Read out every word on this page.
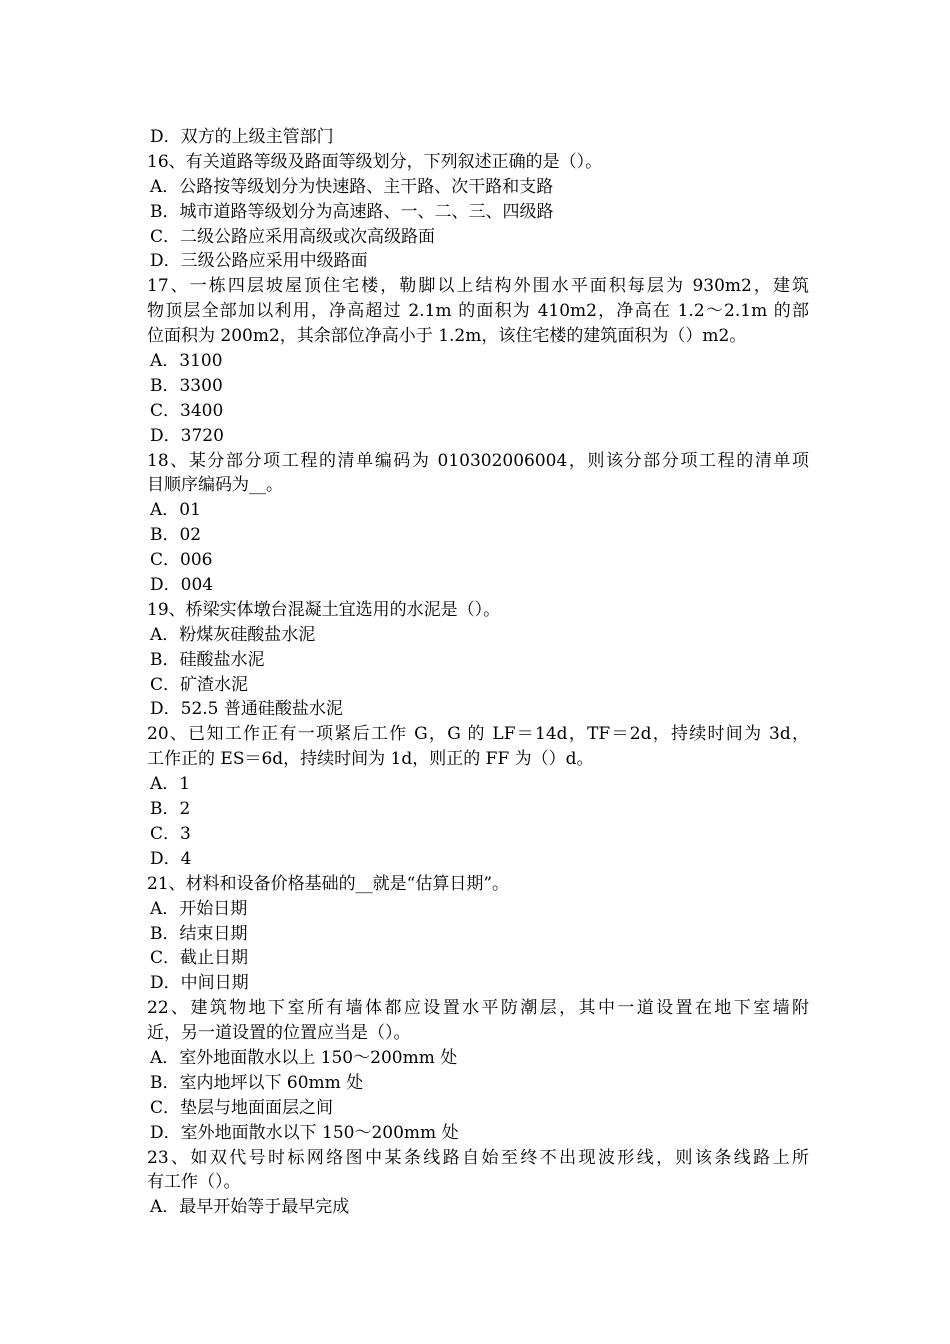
D．双方的上级主管部门
16、有关道路等级及路面等级划分，下列叙述正确的是（）。
A．公路按等级划分为快速路、主干路、次干路和支路
B．城市道路等级划分为高速路、一、二、三、四级路
C．二级公路应采用高级或次高级路面
D．三级公路应采用中级路面
17、一栋四层坡屋顶住宅楼，勒脚以上结构外围水平面积每层为 930m2，建筑
物顶层全部加以利用，净高超过 2.1m 的面积为 410m2，净高在 1.2～2.1m 的部
位面积为 200m2，其余部位净高小于 1.2m，该住宅楼的建筑面积为（）m2。
A．3100
B．3300
C．3400
D．3720
18、某分部分项工程的清单编码为 010302006004，则该分部分项工程的清单项
目顺序编码为__。
A．01
B．02
C．006
D．004
19、桥梁实体墩台混凝土宜选用的水泥是（）。
A．粉煤灰硅酸盐水泥
B．硅酸盐水泥
C．矿渣水泥
D．52.5 普通硅酸盐水泥
20、已知工作正有一项紧后工作 G，G 的 LF＝14d，TF＝2d，持续时间为 3d，
工作正的 ES＝6d，持续时间为 1d，则正的 FF 为（）d。
A．1
B．2
C．3
D．4
21、材料和设备价格基础的__就是“估算日期”。
A．开始日期
B．结束日期
C．截止日期
D．中间日期
22、建筑物地下室所有墙体都应设置水平防潮层，其中一道设置在地下室墙附
近，另一道设置的位置应当是（）。
A．室外地面散水以上 150～200mm 处
B．室内地坪以下 60mm 处
C．垫层与地面面层之间
D．室外地面散水以下 150～200mm 处
23、如双代号时标网络图中某条线路自始至终不出现波形线，则该条线路上所
有工作（）。
A．最早开始等于最早完成
